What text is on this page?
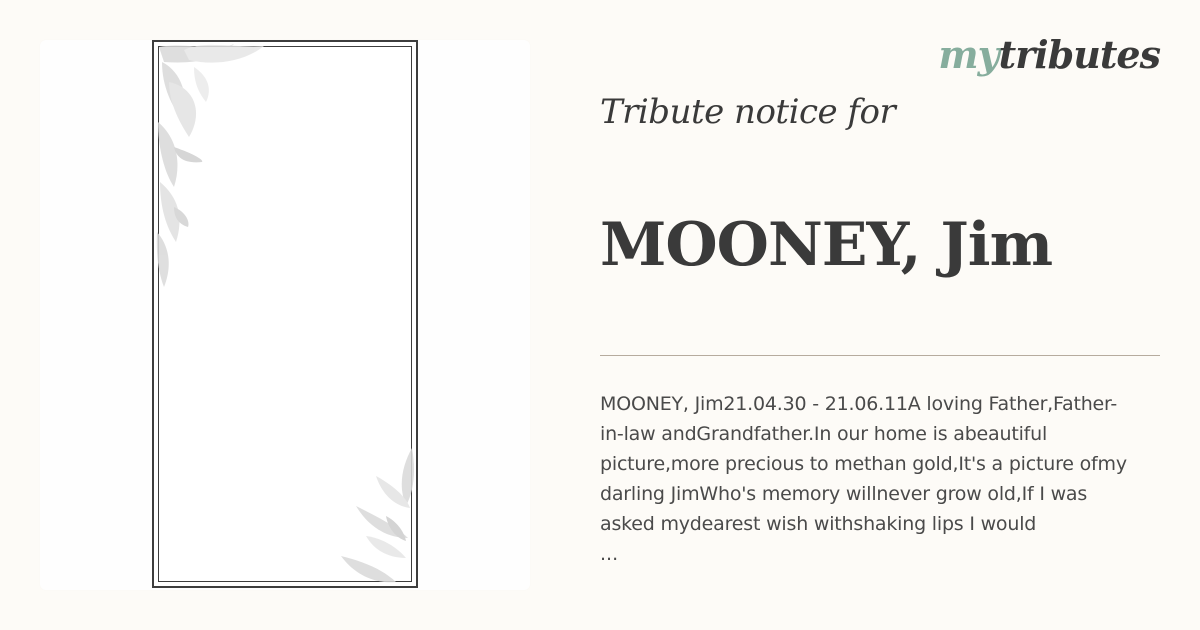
mytributes
Tribute notice for
MOONEY, Jim
MOONEY, Jim21.04.30 - 21.06.11A loving Father,Father-in-law andGrandfather.In our home is abeautiful picture,more precious to methan gold,It's a picture ofmy darling JimWho's memory willnever grow old,If I was asked mydearest wish withshaking lips I would
...
